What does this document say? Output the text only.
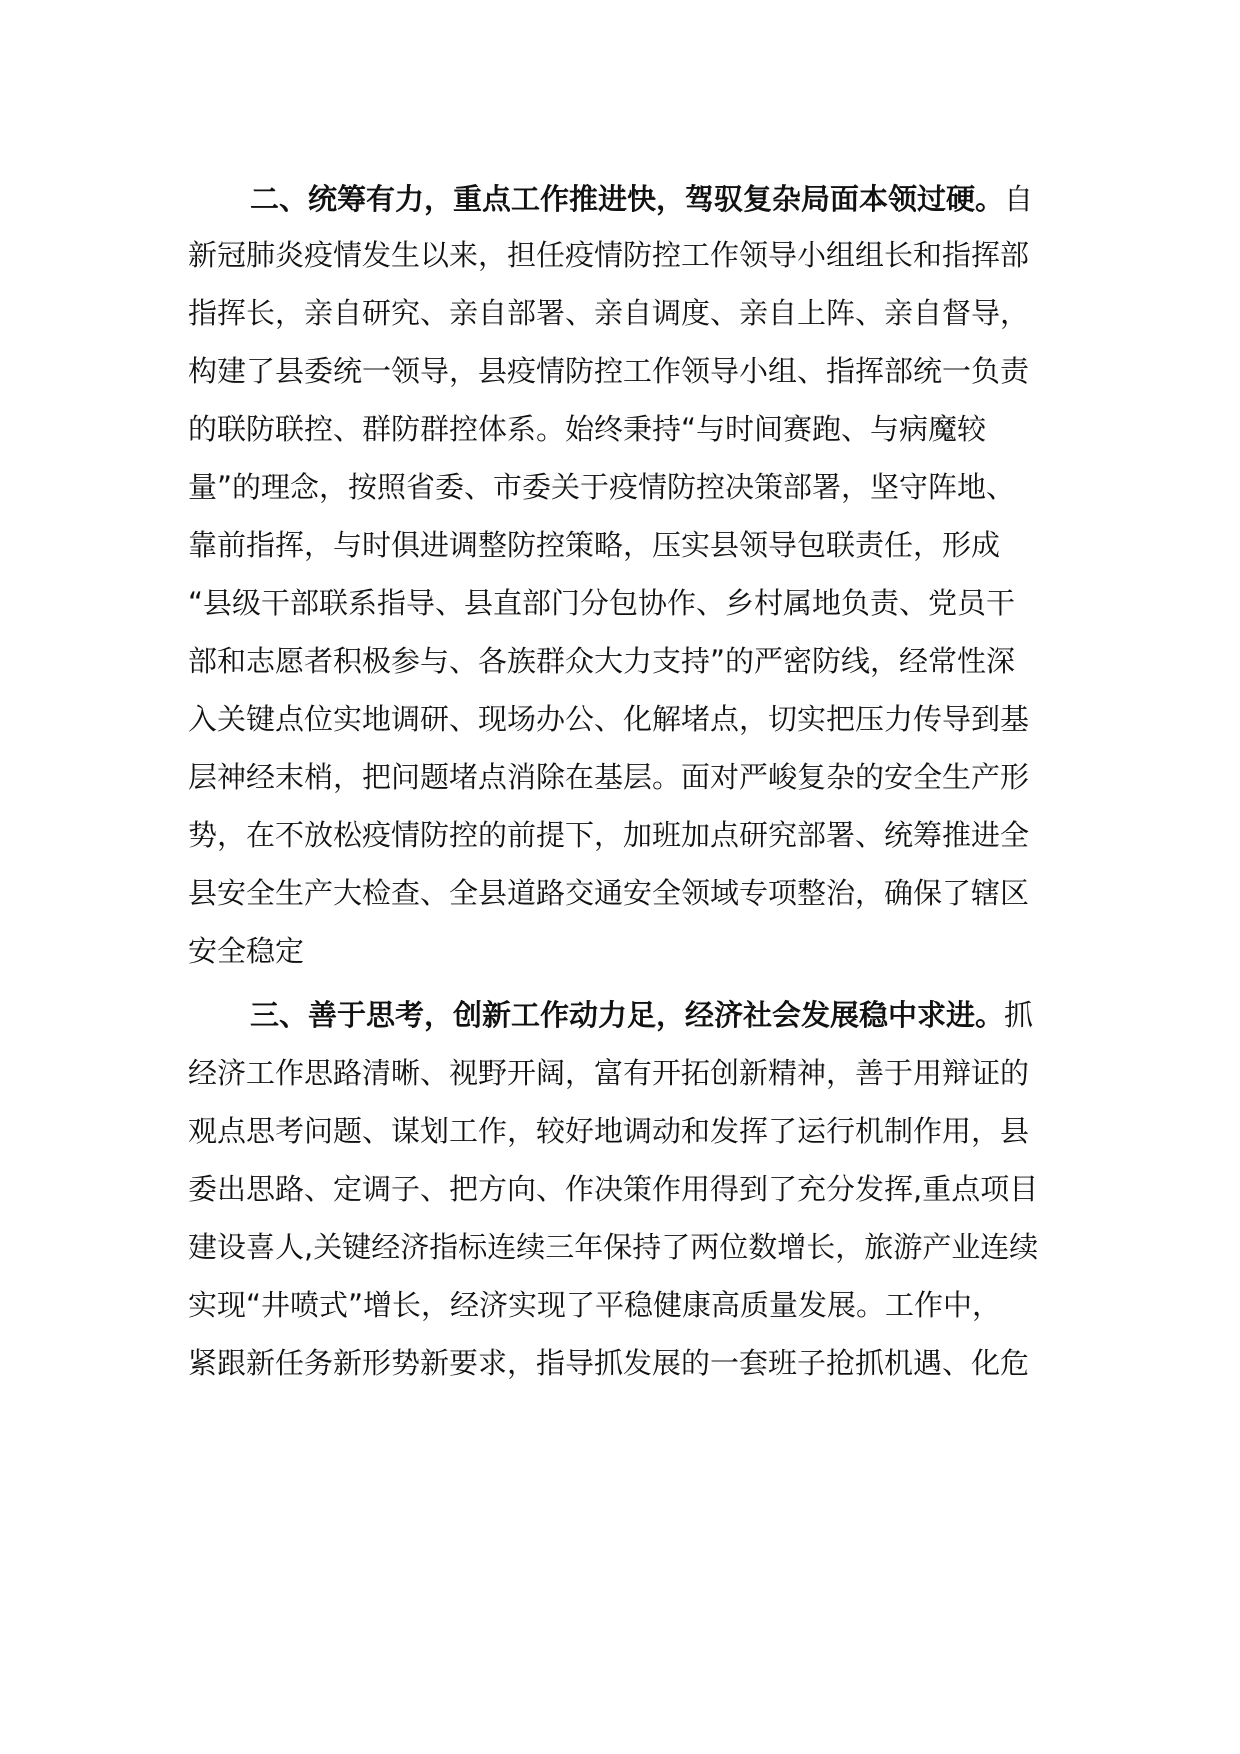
二、统筹有力，重点工作推进快，驾驭复杂局面本领过硬。自
新冠肺炎疫情发生以来，担任疫情防控工作领导小组组长和指挥部
指挥长，亲自研究、亲自部署、亲自调度、亲自上阵、亲自督导，
构建了县委统一领导，县疫情防控工作领导小组、指挥部统一负责
的联防联控、群防群控体系。始终秉持“与时间赛跑、与病魔较
量”的理念，按照省委、市委关于疫情防控决策部署，坚守阵地、
靠前指挥，与时俱进调整防控策略，压实县领导包联责任，形成
“县级干部联系指导、县直部门分包协作、乡村属地负责、党员干
部和志愿者积极参与、各族群众大力支持”的严密防线，经常性深
入关键点位实地调研、现场办公、化解堵点，切实把压力传导到基
层神经末梢，把问题堵点消除在基层。面对严峻复杂的安全生产形
势，在不放松疫情防控的前提下，加班加点研究部署、统筹推进全
县安全生产大检查、全县道路交通安全领域专项整治，确保了辖区
安全稳定
三、善于思考，创新工作动力足，经济社会发展稳中求进。抓
经济工作思路清晰、视野开阔，富有开拓创新精神，善于用辩证的
观点思考问题、谋划工作，较好地调动和发挥了运行机制作用，县
委出思路、定调子、把方向、作决策作用得到了充分发挥,重点项目
建设喜人,关键经济指标连续三年保持了两位数增长，旅游产业连续
实现“井喷式”增长，经济实现了平稳健康高质量发展。工作中，
紧跟新任务新形势新要求，指导抓发展的一套班子抢抓机遇、化危
